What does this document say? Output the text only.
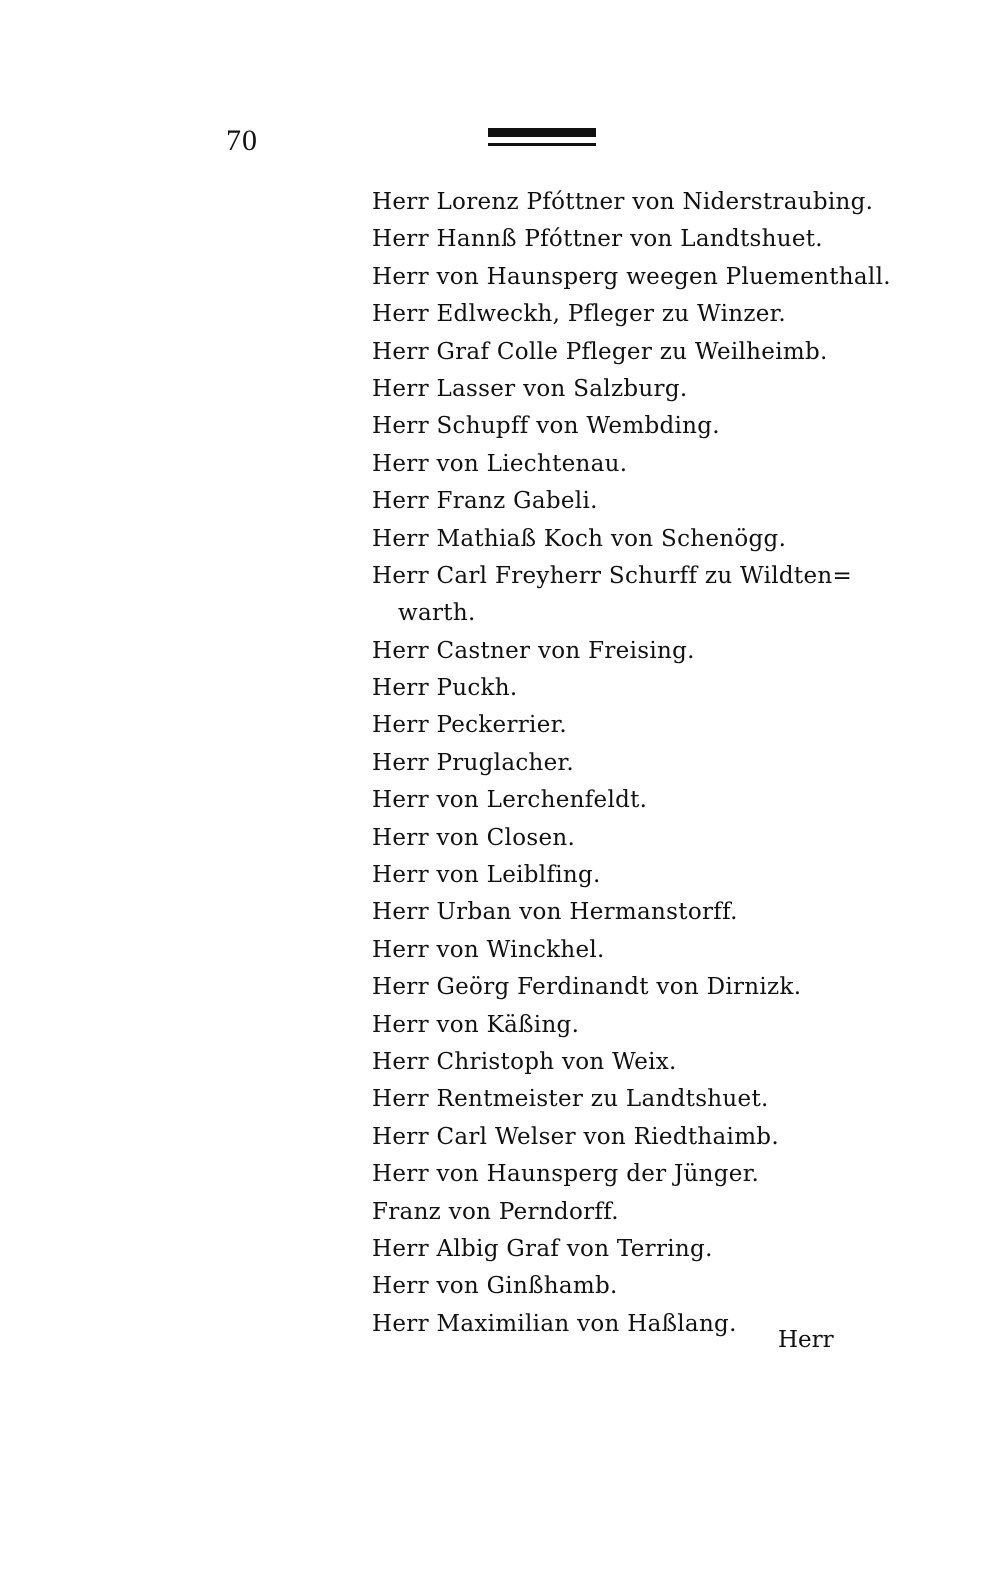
70
Herr Lorenz Pfóttner von Niderstraubing.
Herr Hannß Pfóttner von Landtshuet.
Herr von Haunsperg weegen Pluementhall.
Herr Edlweckh, Pfleger zu Winzer.
Herr Graf Colle Pfleger zu Weilheimb.
Herr Lasser von Salzburg.
Herr Schupff von Wembding.
Herr von Liechtenau.
Herr Franz Gabeli.
Herr Mathiaß Koch von Schenögg.
Herr Carl Freyherr Schurff zu Wildten=
warth.
Herr Castner von Freising.
Herr Puckh.
Herr Peckerrier.
Herr Pruglacher.
Herr von Lerchenfeldt.
Herr von Closen.
Herr von Leiblfing.
Herr Urban von Hermanstorff.
Herr von Winckhel.
Herr Geörg Ferdinandt von Dirnizk.
Herr von Käßing.
Herr Christoph von Weix.
Herr Rentmeister zu Landtshuet.
Herr Carl Welser von Riedthaimb.
Herr von Haunsperg der Jünger.
Franz von Perndorff.
Herr Albig Graf von Terring.
Herr von Ginßhamb.
Herr Maximilian von Haßlang.
Herr
